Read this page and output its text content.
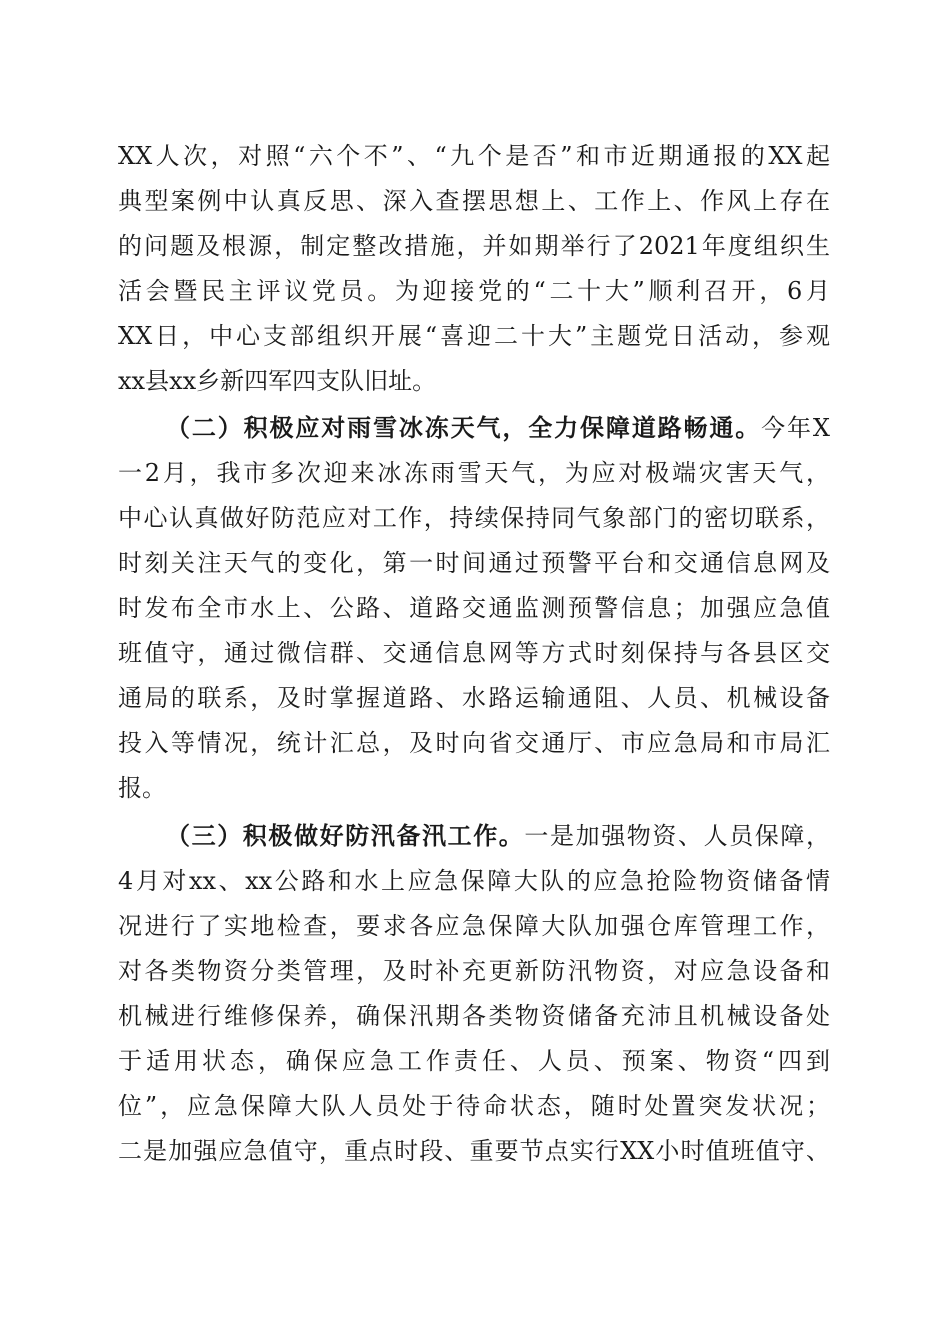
XX人次，对照“六个不”、“九个是否”和市近期通报的XX起
典型案例中认真反思、深入查摆思想上、工作上、作风上存在
的问题及根源，制定整改措施，并如期举行了2021年度组织生
活会暨民主评议党员。为迎接党的“二十大”顺利召开，6月
XX日，中心支部组织开展“喜迎二十大”主题党日活动，参观
xx县xx乡新四军四支队旧址。
（二）积极应对雨雪冰冻天气，全力保障道路畅通。今年X
一2月，我市多次迎来冰冻雨雪天气，为应对极端灾害天气，
中心认真做好防范应对工作，持续保持同气象部门的密切联系，
时刻关注天气的变化，第一时间通过预警平台和交通信息网及
时发布全市水上、公路、道路交通监测预警信息；加强应急值
班值守，通过微信群、交通信息网等方式时刻保持与各县区交
通局的联系，及时掌握道路、水路运输通阻、人员、机械设备
投入等情况，统计汇总，及时向省交通厅、市应急局和市局汇
报。
（三）积极做好防汛备汛工作。一是加强物资、人员保障，
4月对xx、xx公路和水上应急保障大队的应急抢险物资储备情
况进行了实地检查，要求各应急保障大队加强仓库管理工作，
对各类物资分类管理，及时补充更新防汛物资，对应急设备和
机械进行维修保养，确保汛期各类物资储备充沛且机械设备处
于适用状态，确保应急工作责任、人员、预案、物资“四到
位”，应急保障大队人员处于待命状态，随时处置突发状况；
二是加强应急值守，重点时段、重要节点实行XX小时值班值守、
